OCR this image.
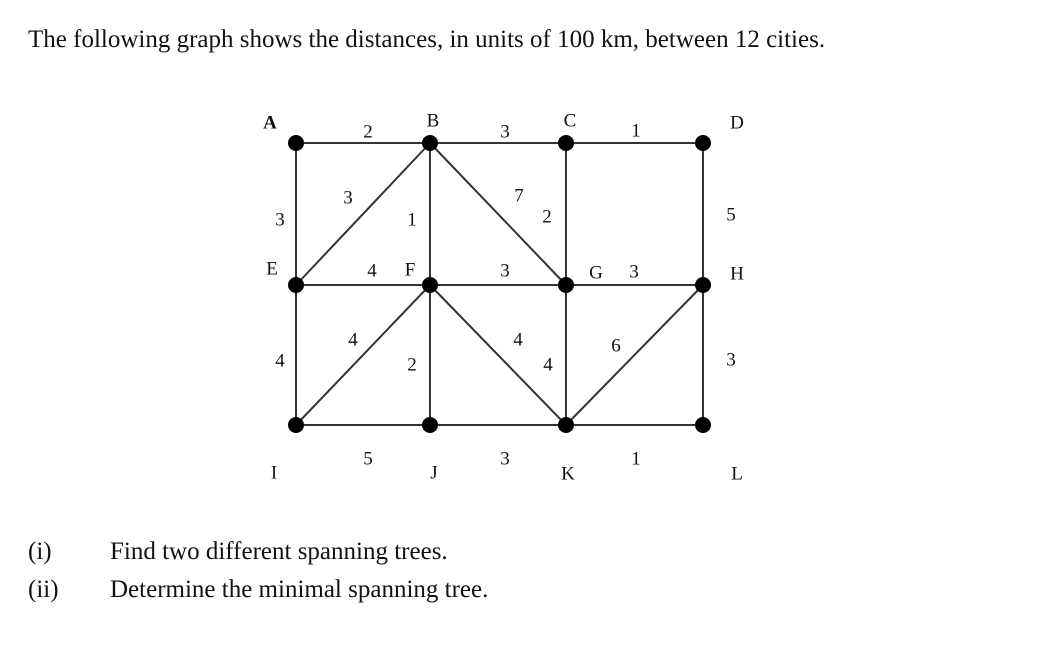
The following graph shows the distances, in units of 100 km, between 12 cities.
A	B	C	D
E	F	G	H
I	J	K	L
2	3	1
3
3
1
7
2	5
4	3	3
4
4
2
4
4
6
3
5	3	1
(i) Find two different spanning trees.
(ii) Determine the minimal spanning tree.
